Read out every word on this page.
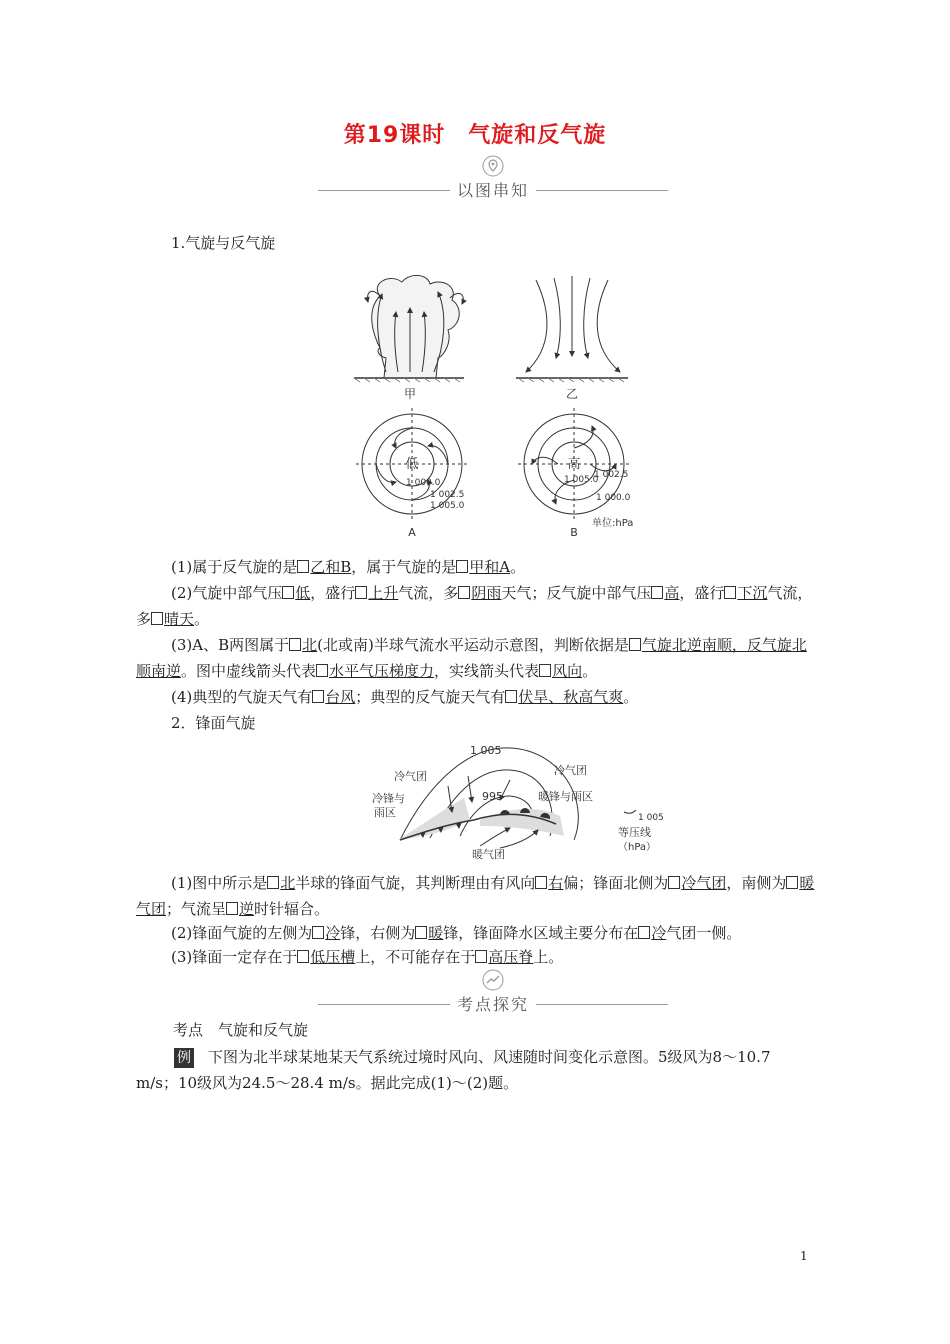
第19课时　气旋和反气旋
以图串知

1.气旋与反气旋

甲	乙
低
1 000.0
1 002.5
1 005.0
A
高
1 002.5
1 005.0
1 000.0
B
单位:hPa

(1)属于反气旋的是 乙和B，属于气旋的是 甲和A。

(2)气旋中部气压 低，盛行 上升气流，多 阴雨天气；反气旋中部气压 高，盛行 下沉气流，多 晴天。

(3)A、B两图属于 北(北或南)半球气流水平运动示意图，判断依据是 气旋北逆南顺，反气旋北顺南逆。图中虚线箭头代表 水平气压梯度力，实线箭头代表 风向。

(4)典型的气旋天气有 台风；典型的反气旋天气有 伏旱、秋高气爽。

2．锋面气旋

1 005
995
冷气团	冷气团
冷锋与
雨区
暖锋与雨区
1 005
等压线
（hPa）
暖气团

(1)图中所示是 北半球的锋面气旋，其判断理由有风向 右偏；锋面北侧为 冷气团，南侧为 暖气团；气流呈 逆时针辐合。

(2)锋面气旋的左侧为 冷锋，右侧为 暖锋，锋面降水区域主要分布在 冷气团一侧。

(3)锋面一定存在于 低压槽上，不可能存在于 高压脊上。

考点探究

考点　气旋和反气旋

例 下图为北半球某地某天气系统过境时风向、风速随时间变化示意图。5级风为8～10.7 m/s；10级风为24.5～28.4 m/s。据此完成(1)～(2)题。

1
